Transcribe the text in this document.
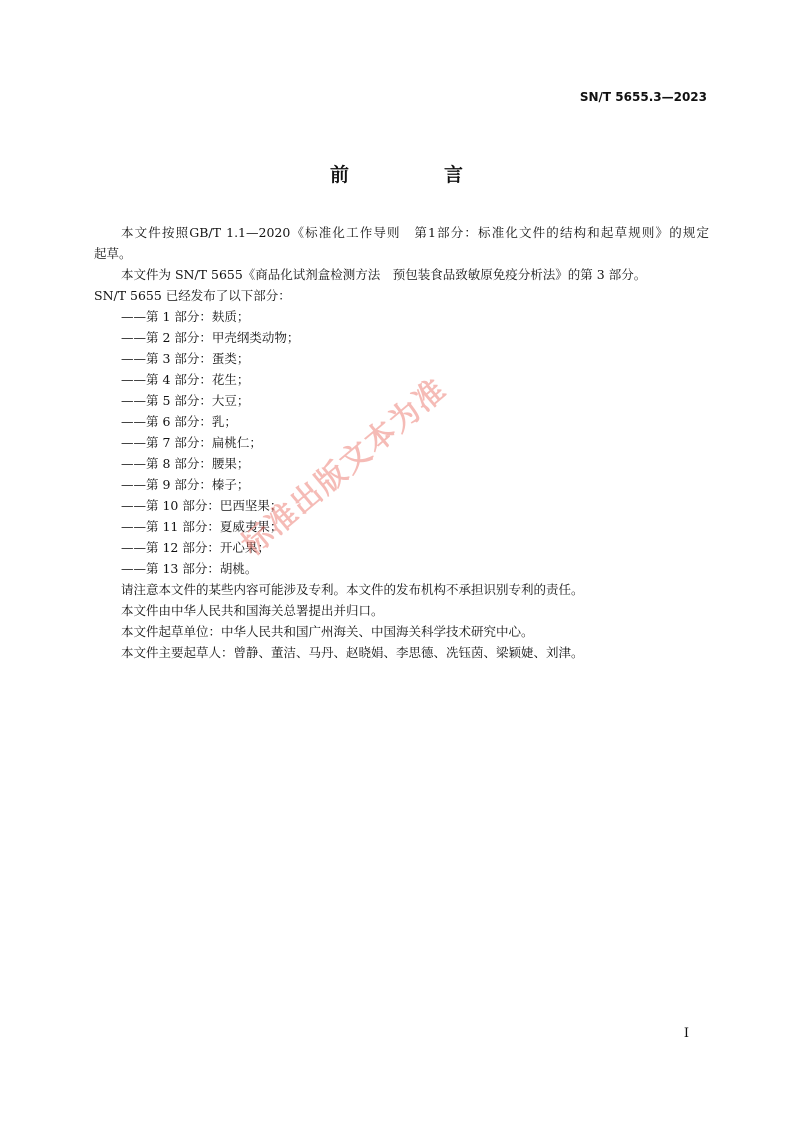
SN/T 5655.3—2023
前　言
本文件按照GB/T 1.1—2020《标准化工作导则　第1部分：标准化文件的结构和起草规则》的规定
起草。
本文件为 SN/T 5655《商品化试剂盒检测方法　预包装食品致敏原免疫分析法》的第 3 部分。
SN/T 5655 已经发布了以下部分：
——第 1 部分：麸质；
——第 2 部分：甲壳纲类动物；
——第 3 部分：蛋类；
——第 4 部分：花生；
——第 5 部分：大豆；
——第 6 部分：乳；
——第 7 部分：扁桃仁；
——第 8 部分：腰果；
——第 9 部分：榛子；
——第 10 部分：巴西坚果；
——第 11 部分：夏威夷果；
——第 12 部分：开心果；
——第 13 部分：胡桃。
请注意本文件的某些内容可能涉及专利。本文件的发布机构不承担识别专利的责任。
本文件由中华人民共和国海关总署提出并归口。
本文件起草单位：中华人民共和国广州海关、中国海关科学技术研究中心。
本文件主要起草人：曾静、董洁、马丹、赵晓娟、李思德、冼钰茵、梁颖婕、刘津。
标准出版文本为准
I
